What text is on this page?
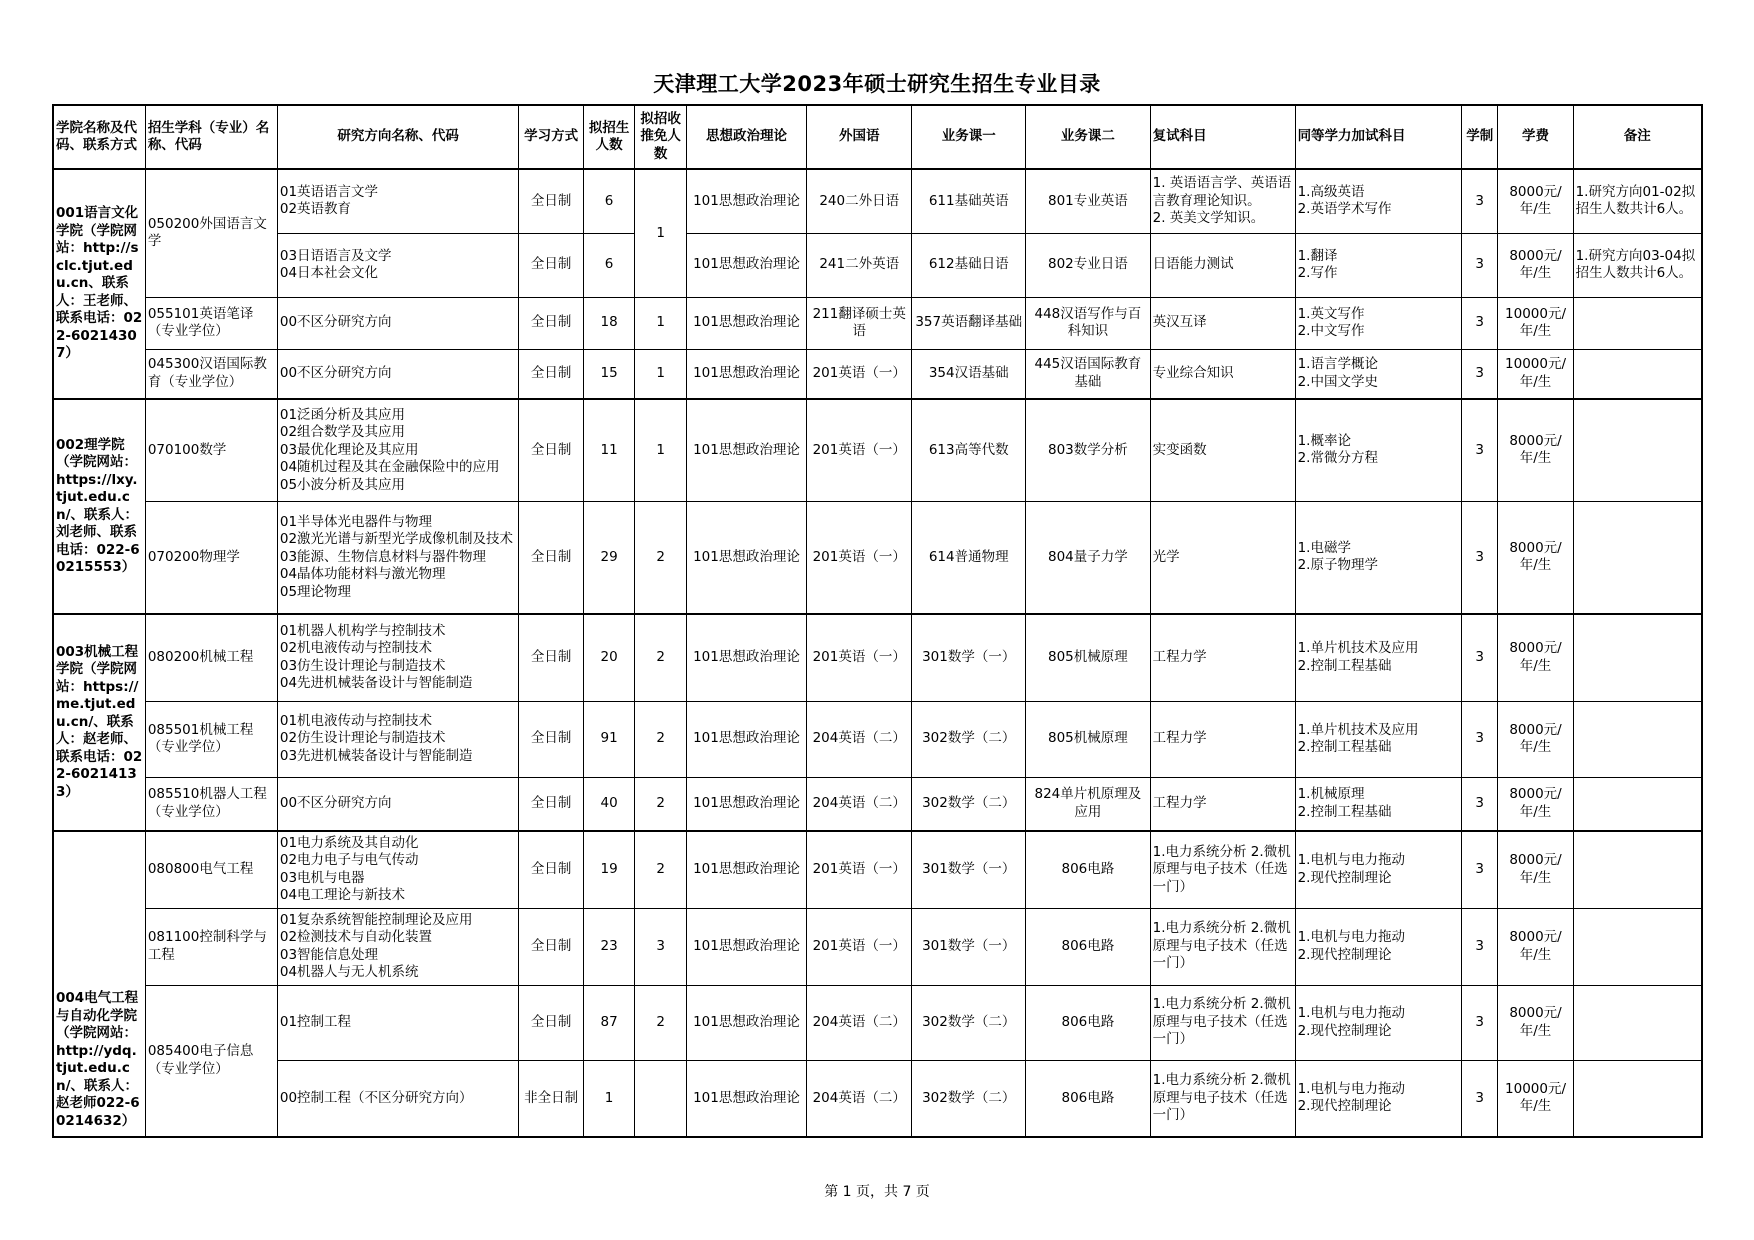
天津理工大学2023年硕士研究生招生专业目录
学院名称及代码、联系方式	招生学科（专业）名称、代码	研究方向名称、代码	学习方式	拟招生人数	拟招收推免人数	思想政治理论	外国语	业务课一	业务课二	复试科目	同等学力加试科目	学制	学费	备注
001语言文化学院（学院网站：http://sclc.tjut.edu.cn、联系人：王老师、联系电话：022-60214307）	050200外国语言文学	01英语语言文学
02英语教育	全日制	6	1	101思想政治理论	240二外日语	611基础英语	801专业英语	1. 英语语言学、英语语言教育理论知识。
2. 英美文学知识。	1.高级英语
2.英语学术写作	3	8000元/年/生	1.研究方向01-02拟招生人数共计6人。
		03日语语言及文学
04日本社会文化	全日制	6		101思想政治理论	241二外英语	612基础日语	802专业日语	日语能力测试	1.翻译
2.写作	3	8000元/年/生	1.研究方向03-04拟招生人数共计6人。
	055101英语笔译（专业学位）	00不区分研究方向	全日制	18	1	101思想政治理论	211翻译硕士英语	357英语翻译基础	448汉语写作与百科知识	英汉互译	1.英文写作
2.中文写作	3	10000元/年/生	
	045300汉语国际教育（专业学位）	00不区分研究方向	全日制	15	1	101思想政治理论	201英语（一）	354汉语基础	445汉语国际教育基础	专业综合知识	1.语言学概论
2.中国文学史	3	10000元/年/生	
002理学院（学院网站：https://lxy.tjut.edu.cn/、联系人：刘老师、联系电话：022-60215553）	070100数学	01泛函分析及其应用
02组合数学及其应用
03最优化理论及其应用
04随机过程及其在金融保险中的应用
05小波分析及其应用	全日制	11	1	101思想政治理论	201英语（一）	613高等代数	803数学分析	实变函数	1.概率论
2.常微分方程	3	8000元/年/生	
	070200物理学	01半导体光电器件与物理
02激光光谱与新型光学成像机制及技术
03能源、生物信息材料与器件物理
04晶体功能材料与激光物理
05理论物理	全日制	29	2	101思想政治理论	201英语（一）	614普通物理	804量子力学	光学	1.电磁学
2.原子物理学	3	8000元/年/生	
003机械工程学院（学院网站：https://me.tjut.edu.cn/、联系人：赵老师、联系电话：022-60214133）	080200机械工程	01机器人机构学与控制技术
02机电液传动与控制技术
03仿生设计理论与制造技术
04先进机械装备设计与智能制造	全日制	20	2	101思想政治理论	201英语（一）	301数学（一）	805机械原理	工程力学	1.单片机技术及应用
2.控制工程基础	3	8000元/年/生	
	085501机械工程（专业学位）	01机电液传动与控制技术
02仿生设计理论与制造技术
03先进机械装备设计与智能制造	全日制	91	2	101思想政治理论	204英语（二）	302数学（二）	805机械原理	工程力学	1.单片机技术及应用
2.控制工程基础	3	8000元/年/生	
	085510机器人工程（专业学位）	00不区分研究方向	全日制	40	2	101思想政治理论	204英语（二）	302数学（二）	824单片机原理及应用	工程力学	1.机械原理
2.控制工程基础	3	8000元/年/生	
004电气工程与自动化学院（学院网站：http://ydq.tjut.edu.cn/、联系人：赵老师022-60214632）	080800电气工程	01电力系统及其自动化
02电力电子与电气传动
03电机与电器
04电工理论与新技术	全日制	19	2	101思想政治理论	201英语（一）	301数学（一）	806电路	1.电力系统分析 2.微机原理与电子技术（任选一门）	1.电机与电力拖动
2.现代控制理论	3	8000元/年/生	
	081100控制科学与工程	01复杂系统智能控制理论及应用
02检测技术与自动化装置
03智能信息处理
04机器人与无人机系统	全日制	23	3	101思想政治理论	201英语（一）	301数学（一）	806电路	1.电力系统分析 2.微机原理与电子技术（任选一门）	1.电机与电力拖动
2.现代控制理论	3	8000元/年/生	
	085400电子信息（专业学位）	01控制工程	全日制	87	2	101思想政治理论	204英语（二）	302数学（二）	806电路	1.电力系统分析 2.微机原理与电子技术（任选一门）	1.电机与电力拖动
2.现代控制理论	3	8000元/年/生	
		00控制工程（不区分研究方向）	非全日制	1		101思想政治理论	204英语（二）	302数学（二）	806电路	1.电力系统分析 2.微机原理与电子技术（任选一门）	1.电机与电力拖动
2.现代控制理论	3	10000元/年/生	
第 1 页，共 7 页
